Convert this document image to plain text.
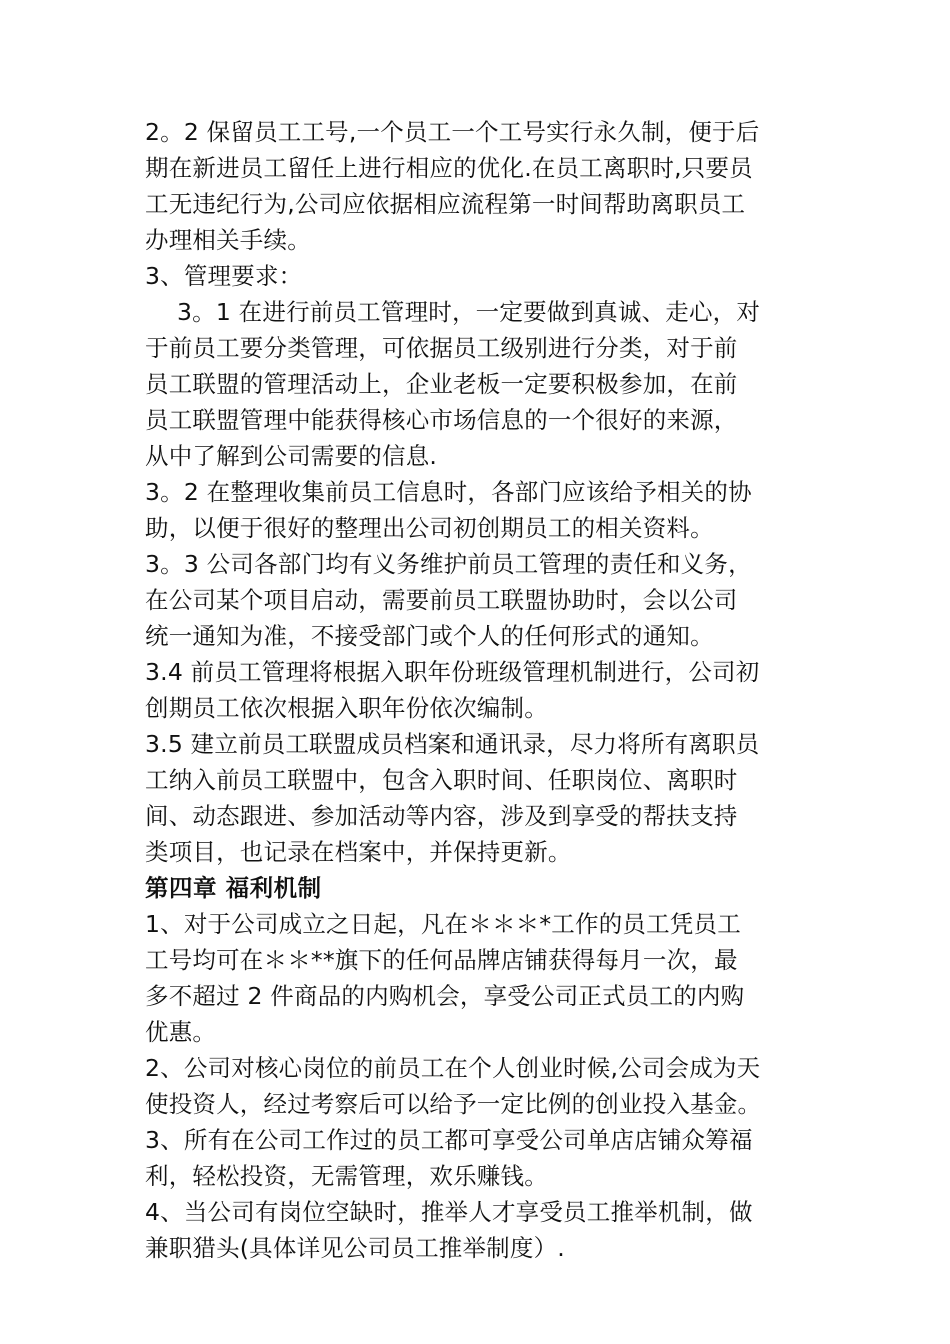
2。2 保留员工工号,一个员工一个工号实行永久制，便于后
期在新进员工留任上进行相应的优化.在员工离职时,只要员
工无违纪行为,公司应依据相应流程第一时间帮助离职员工
办理相关手续。
3、管理要求：
3。1 在进行前员工管理时，一定要做到真诚、走心，对
于前员工要分类管理，可依据员工级别进行分类，对于前
员工联盟的管理活动上，企业老板一定要积极参加，在前
员工联盟管理中能获得核心市场信息的一个很好的来源，
从中了解到公司需要的信息.
3。2 在整理收集前员工信息时，各部门应该给予相关的协
助，以便于很好的整理出公司初创期员工的相关资料。
3。3 公司各部门均有义务维护前员工管理的责任和义务，
在公司某个项目启动，需要前员工联盟协助时，会以公司
统一通知为准，不接受部门或个人的任何形式的通知。
3.4 前员工管理将根据入职年份班级管理机制进行，公司初
创期员工依次根据入职年份依次编制。
3.5 建立前员工联盟成员档案和通讯录，尽力将所有离职员
工纳入前员工联盟中，包含入职时间、任职岗位、离职时
间、动态跟进、参加活动等内容，涉及到享受的帮扶支持
类项目，也记录在档案中，并保持更新。
第四章 福利机制
1、对于公司成立之日起，凡在＊＊＊*工作的员工凭员工
工号均可在＊＊**旗下的任何品牌店铺获得每月一次，最
多不超过 2 件商品的内购机会，享受公司正式员工的内购
优惠。
2、公司对核心岗位的前员工在个人创业时候,公司会成为天
使投资人，经过考察后可以给予一定比例的创业投入基金。
3、所有在公司工作过的员工都可享受公司单店店铺众筹福
利，轻松投资，无需管理，欢乐赚钱。
4、当公司有岗位空缺时，推举人才享受员工推举机制，做
兼职猎头(具体详见公司员工推举制度）.
